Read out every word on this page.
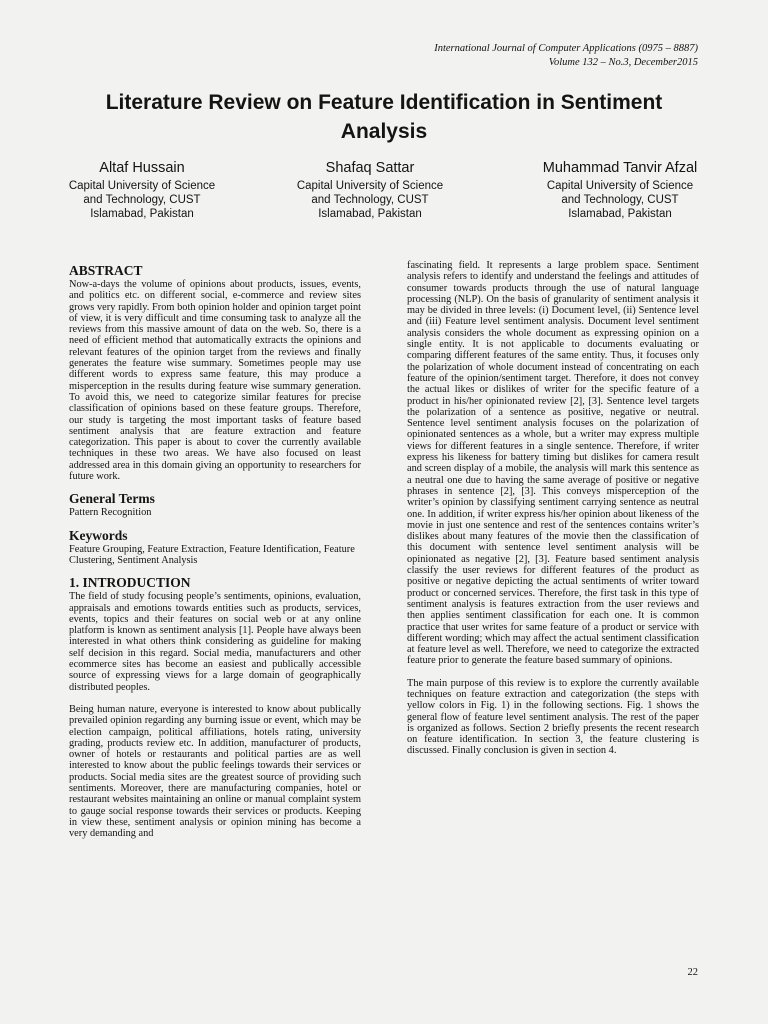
International Journal of Computer Applications (0975 – 8887)
Volume 132 – No.3, December2015
Literature Review on Feature Identification in Sentiment Analysis
Altaf Hussain
Capital University of Science
and Technology, CUST
Islamabad, Pakistan
Shafaq Sattar
Capital University of Science
and Technology, CUST
Islamabad, Pakistan
Muhammad Tanvir Afzal
Capital University of Science
and Technology, CUST
Islamabad, Pakistan
ABSTRACT

Now-a-days the volume of opinions about products, issues, events, and politics etc. on different social, e-commerce and review sites grows very rapidly. From both opinion holder and opinion target point of view, it is very difficult and time consuming task to analyze all the reviews from this massive amount of data on the web. So, there is a need of efficient method that automatically extracts the opinions and relevant features of the opinion target from the reviews and finally generates the feature wise summary. Sometimes people may use different words to express same feature, this may produce a misperception in the results during feature wise summary generation. To avoid this, we need to categorize similar features for precise classification of opinions based on these feature groups. Therefore, our study is targeting the most important tasks of feature based sentiment analysis that are feature extraction and feature categorization. This paper is about to cover the currently available techniques in these two areas. We have also focused on least addressed area in this domain giving an opportunity to researchers for future work.

General Terms

Pattern Recognition

Keywords

Feature Grouping, Feature Extraction, Feature Identification, Feature Clustering, Sentiment Analysis

1. INTRODUCTION

The field of study focusing people’s sentiments, opinions, evaluation, appraisals and emotions towards entities such as products, services, events, topics and their features on social web or at any online platform is known as sentiment analysis [1]. People have always been interested in what others think considering as guideline for making self decision in this regard. Social media, manufacturers and other ecommerce sites has become an easiest and publically accessible source of expressing views for a large domain of geographically distributed peoples.

Being human nature, everyone is interested to know about publically prevailed opinion regarding any burning issue or event, which may be election campaign, political affiliations, hotels rating, university grading, products review etc. In addition, manufacturer of products, owner of hotels or restaurants and political parties are as well interested to know about the public feelings towards their services or products. Social media sites are the greatest source of providing such sentiments. Moreover, there are manufacturing companies, hotel or restaurant websites maintaining an online or manual complaint system to gauge social response towards their services or products. Keeping in view these, sentiment analysis or opinion mining has become a very demanding and

fascinating field. It represents a large problem space. Sentiment analysis refers to identify and understand the feelings and attitudes of consumer towards products through the use of natural language processing (NLP). On the basis of granularity of sentiment analysis it may be divided in three levels: (i) Document level, (ii) Sentence level and (iii) Feature level sentiment analysis. Document level sentiment analysis considers the whole document as expressing opinion on a single entity. It is not applicable to documents evaluating or comparing different features of the same entity. Thus, it focuses only the polarization of whole document instead of concentrating on each feature of the opinion/sentiment target. Therefore, it does not convey the actual likes or dislikes of writer for the specific feature of a product in his/her opinionated review [2], [3]. Sentence level targets the polarization of a sentence as positive, negative or neutral. Sentence level sentiment analysis focuses on the polarization of opinionated sentences as a whole, but a writer may express multiple views for different features in a single sentence. Therefore, if writer express his likeness for battery timing but dislikes for camera result and screen display of a mobile, the analysis will mark this sentence as a neutral one due to having the same average of positive or negative phrases in sentence [2], [3]. This conveys misperception of the writer’s opinion by classifying sentiment carrying sentence as neutral one. In addition, if writer express his/her opinion about likeness of the movie in just one sentence and rest of the sentences contains writer’s dislikes about many features of the movie then the classification of this document with sentence level sentiment analysis will be opinionated as negative [2], [3]. Feature based sentiment analysis classify the user reviews for different features of the product as positive or negative depicting the actual sentiments of writer toward product or concerned services. Therefore, the first task in this type of sentiment analysis is features extraction from the user reviews and then applies sentiment classification for each one. It is common practice that user writes for same feature of a product or service with different wording; which may affect the actual sentiment classification at feature level as well. Therefore, we need to categorize the extracted feature prior to generate the feature based summary of opinions.

The main purpose of this review is to explore the currently available techniques on feature extraction and categorization (the steps with yellow colors in Fig. 1) in the following sections. Fig. 1 shows the general flow of feature level sentiment analysis. The rest of the paper is organized as follows. Section 2 briefly presents the recent research on feature identification. In section 3, the feature clustering is discussed. Finally conclusion is given in section 4.

22
